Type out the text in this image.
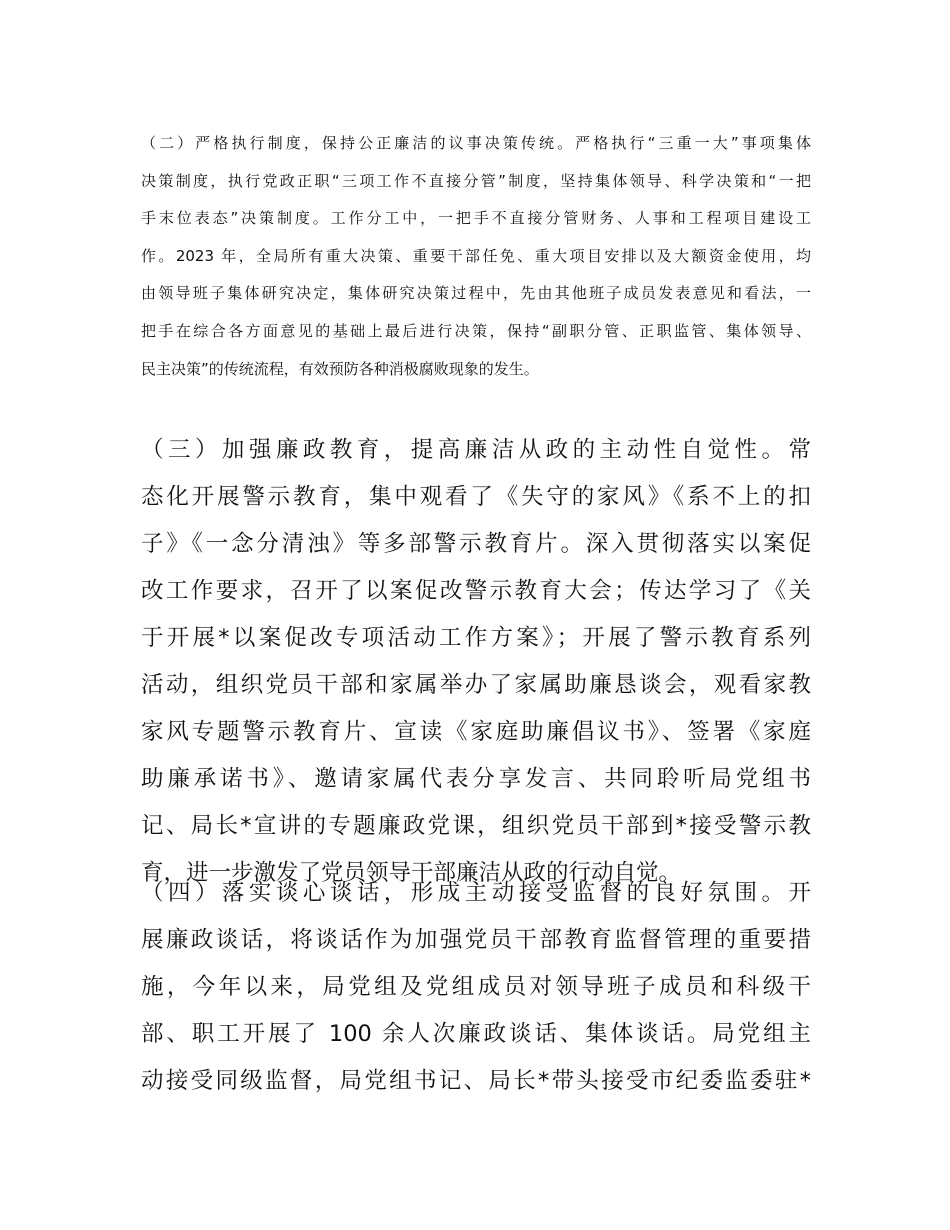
（二）严格执行制度，保持公正廉洁的议事决策传统。严格执行“三重一大”事项集体
决策制度，执行党政正职“三项工作不直接分管”制度，坚持集体领导、科学决策和“一把
手末位表态”决策制度。工作分工中，一把手不直接分管财务、人事和工程项目建设工
作。2023 年，全局所有重大决策、重要干部任免、重大项目安排以及大额资金使用，均
由领导班子集体研究决定，集体研究决策过程中，先由其他班子成员发表意见和看法，一
把手在综合各方面意见的基础上最后进行决策，保持“副职分管、正职监管、集体领导、
民主决策”的传统流程，有效预防各种消极腐败现象的发生。
（三）加强廉政教育，提高廉洁从政的主动性自觉性。常
态化开展警示教育，集中观看了《失守的家风》《系不上的扣
子》《一念分清浊》等多部警示教育片。深入贯彻落实以案促
改工作要求，召开了以案促改警示教育大会；传达学习了《关
于开展*以案促改专项活动工作方案》；开展了警示教育系列
活动，组织党员干部和家属举办了家属助廉恳谈会，观看家教
家风专题警示教育片、宣读《家庭助廉倡议书》、签署《家庭
助廉承诺书》、邀请家属代表分享发言、共同聆听局党组书
记、局长*宣讲的专题廉政党课，组织党员干部到*接受警示教
育，进一步激发了党员领导干部廉洁从政的行动自觉。
（四）落实谈心谈话，形成主动接受监督的良好氛围。开
展廉政谈话，将谈话作为加强党员干部教育监督管理的重要措
施，今年以来，局党组及党组成员对领导班子成员和科级干
部、职工开展了 100 余人次廉政谈话、集体谈话。局党组主
动接受同级监督，局党组书记、局长*带头接受市纪委监委驻*
